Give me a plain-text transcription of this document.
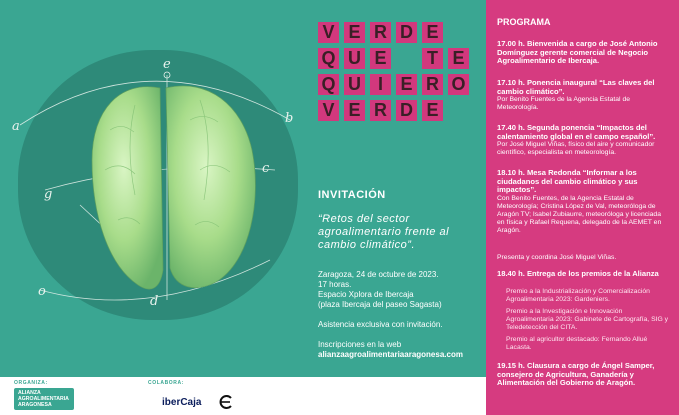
e
a
b
c
g
d
o
V E R D E
Q U E T E
Q U I E R O
V E R D E
INVITACIÓN
“Retos del sector agroalimentario frente al cambio climático”.

Zaragoza, 24 de octubre de 2023.

17 horas.

Espacio Xplora de Ibercaja

(plaza Ibercaja del paseo Sagasta)

Asistencia exclusiva con invitación.
Inscripciones en la web
alianzaagroalimentariaaragonesa.com
PROGRAMA
17.00 h. Bienvenida a cargo de José Antonio Domínguez gerente comercial de Negocio Agroalimentario de Ibercaja.
17.10 h. Ponencia inaugural “Las claves del cambio climático”.
Por Benito Fuentes de la Agencia Estatal de Meteorología.
17.40 h. Segunda ponencia “Impactos del calentamiento global en el campo español”.
Por José Miguel Viñas, físico del aire y comunicador científico, especialista en meteorología.
18.10 h. Mesa Redonda “Informar a los ciudadanos del cambio climático y sus impactos”.
Con Benito Fuentes, de la Agencia Estatal de Meteorología; Cristina López de Val, meteoróloga de Aragón TV; Isabel Zubiaurre, meteoróloga y licenciada en física y Rafael Requena, delegado de la AEMET en Aragón.
Presenta y coordina José Miguel Viñas.
18.40 h. Entrega de los premios de la Alianza
Premio a la Industrialización y Comercialización Agroalimentaria 2023: Gardeniers.
Premio a la Investigación e Innovación Agroalimentaria 2023: Gabinete de Cartografía, SIG y Teledetección del CITA.
Premio al agricultor destacado: Fernando Allué Lacasta.
19.15 h. Clausura a cargo de Ángel Samper, consejero de Agricultura, Ganadería y Alimentación del Gobierno de Aragón.
ORGANIZA:	COLABORA:
ALIANZA
AGROALIMENTARIA
ARAGONESA	iberCaja
